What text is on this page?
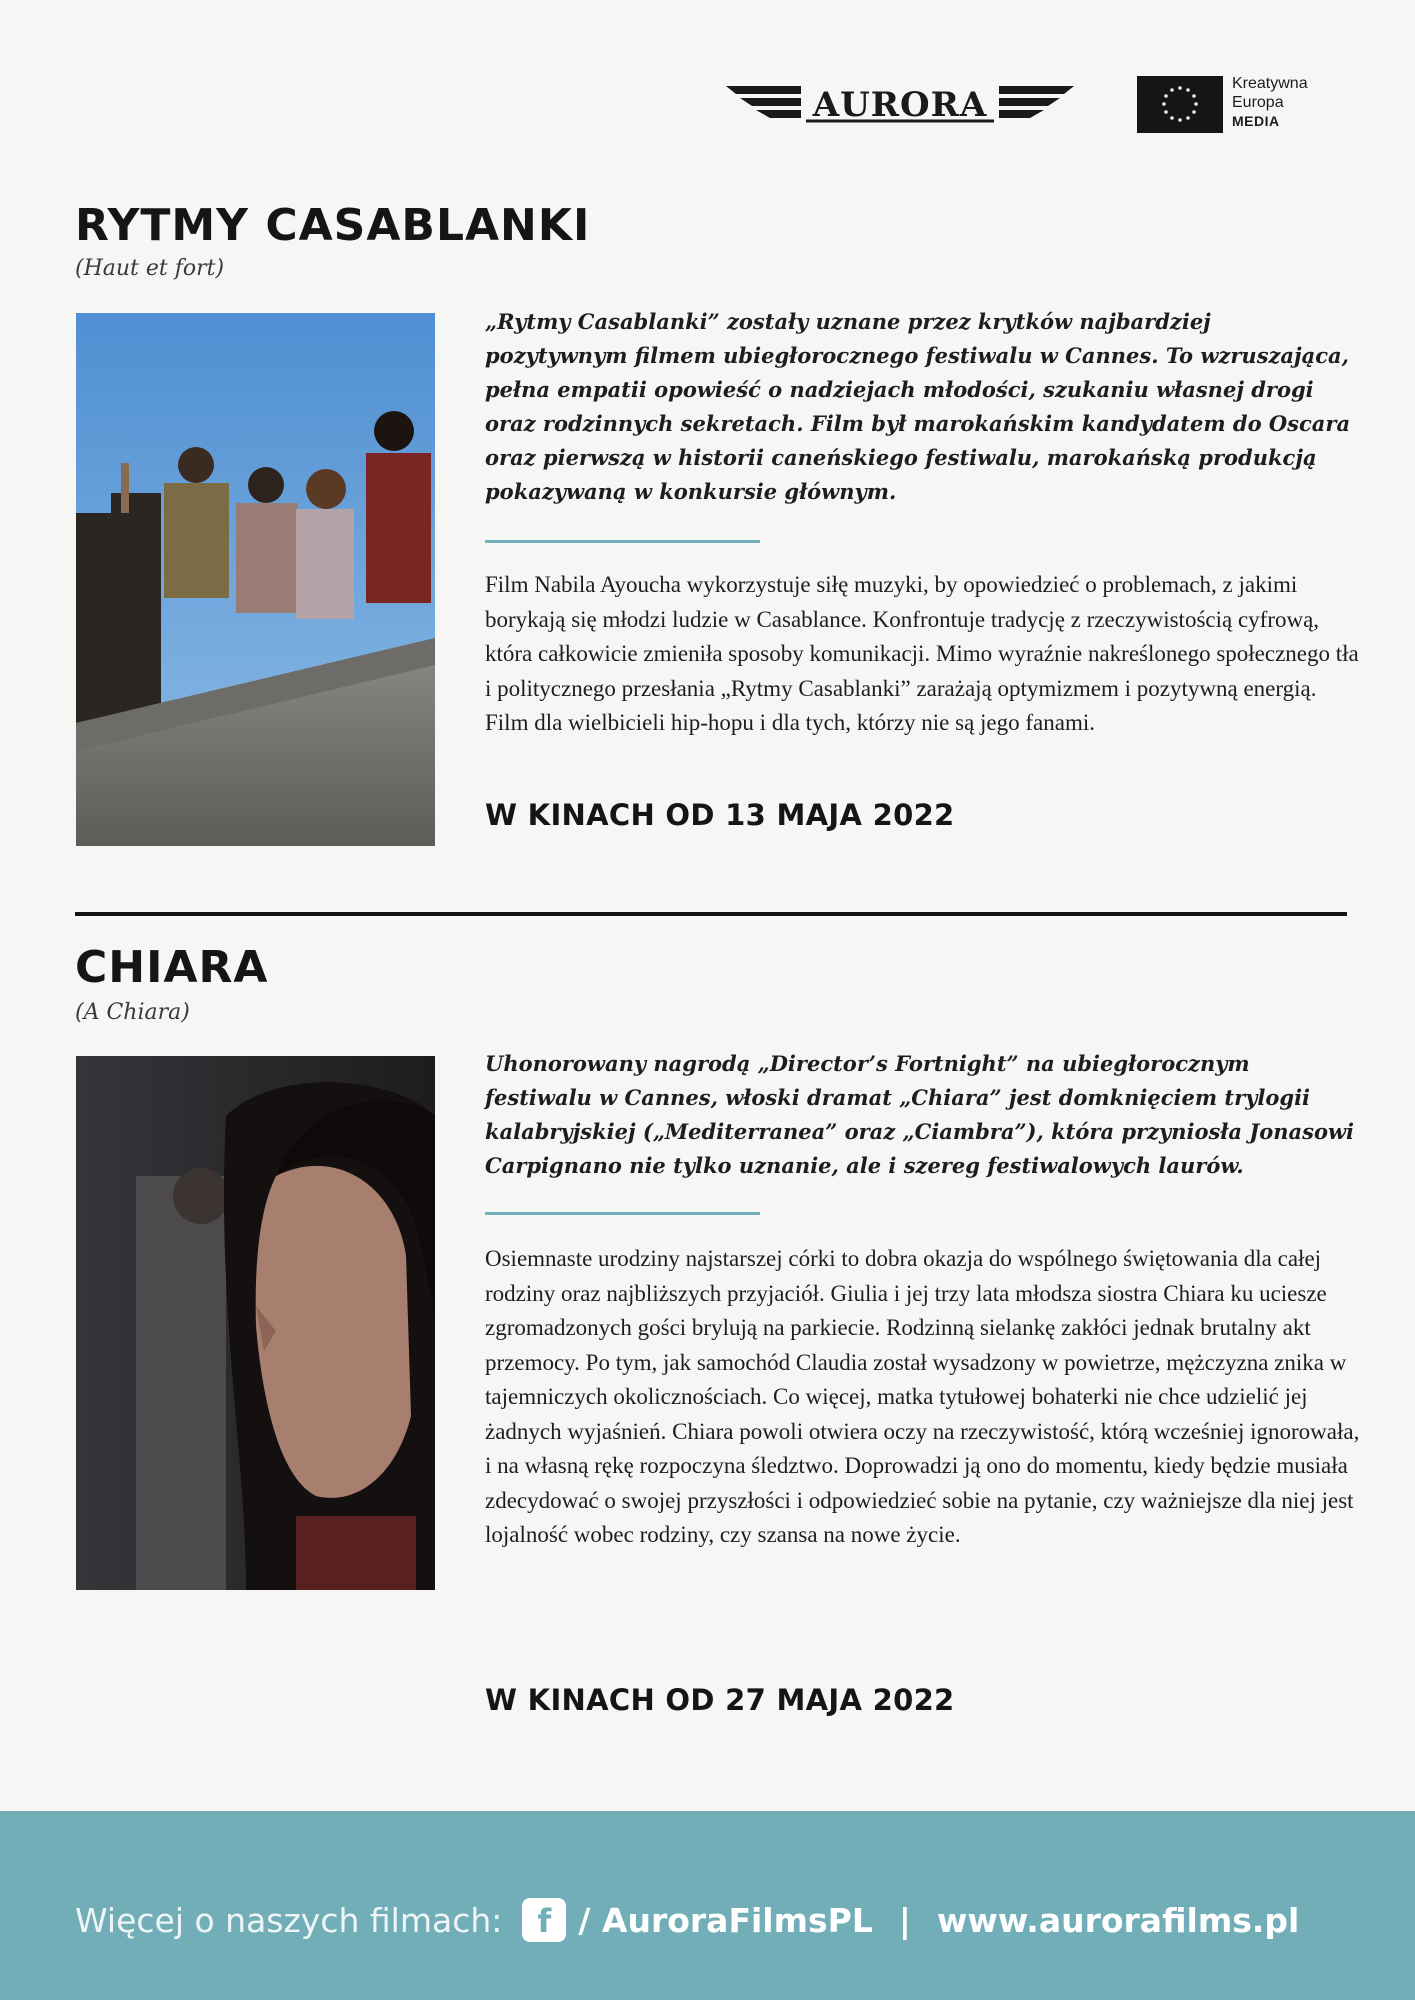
AURORA
Kreatywna
Europa
MEDIA
RYTMY CASABLANKI
(Haut et fort)

„Rytmy Casablanki” zostały uznane przez krytków najbardziej pozytywnym filmem ubiegłorocznego festiwalu w Cannes. To wzruszająca, pełna empatii opowieść o nadziejach młodości, szukaniu własnej drogi oraz rodzinnych sekretach. Film był marokańskim kandydatem do Oscara oraz pierwszą w historii caneńskiego festiwalu, marokańską produkcją pokazywaną w konkursie głównym.

Film Nabila Ayoucha wykorzystuje siłę muzyki, by opowiedzieć o problemach, z jakimi borykają się młodzi ludzie w Casablance. Konfrontuje tradycję z rzeczywistością cyfrową, która całkowicie zmieniła sposoby komunikacji. Mimo wyraźnie nakreślonego społecznego tła i politycznego przesłania „Rytmy Casablanki” zarażają optymizmem i pozytywną energią. Film dla wielbicieli hip-hopu i dla tych, którzy nie są jego fanami.

W KINACH OD 13 MAJA 2022

CHIARA
(A Chiara)

Uhonorowany nagrodą „Director’s Fortnight” na ubiegłorocznym festiwalu w Cannes, włoski dramat „Chiara” jest domknięciem trylogii kalabryjskiej („Mediterranea” oraz „Ciambra”), która przyniosła Jonasowi Carpignano nie tylko uznanie, ale i szereg festiwalowych laurów.

Osiemnaste urodziny najstarszej córki to dobra okazja do wspólnego świętowania dla całej rodziny oraz najbliższych przyjaciół. Giulia i jej trzy lata młodsza siostra Chiara ku uciesze zgromadzonych gości brylują na parkiecie. Rodzinną sielankę zakłóci jednak brutalny akt przemocy. Po tym, jak samochód Claudia został wysadzony w powietrze, mężczyzna znika w tajemniczych okolicznościach. Co więcej, matka tytułowej bohaterki nie chce udzielić jej żadnych wyjaśnień. Chiara powoli otwiera oczy na rzeczywistość, którą wcześniej ignorowała, i na własną rękę rozpoczyna śledztwo. Doprowadzi ją ono do momentu, kiedy będzie musiała zdecydować o swojej przyszłości i odpowiedzieć sobie na pytanie, czy ważniejsze dla niej jest lojalność wobec rodziny, czy szansa na nowe życie.

W KINACH OD 27 MAJA 2022

Więcej o naszych filmach:	f / AuroraFilmsPL | www.aurorafilms.pl
